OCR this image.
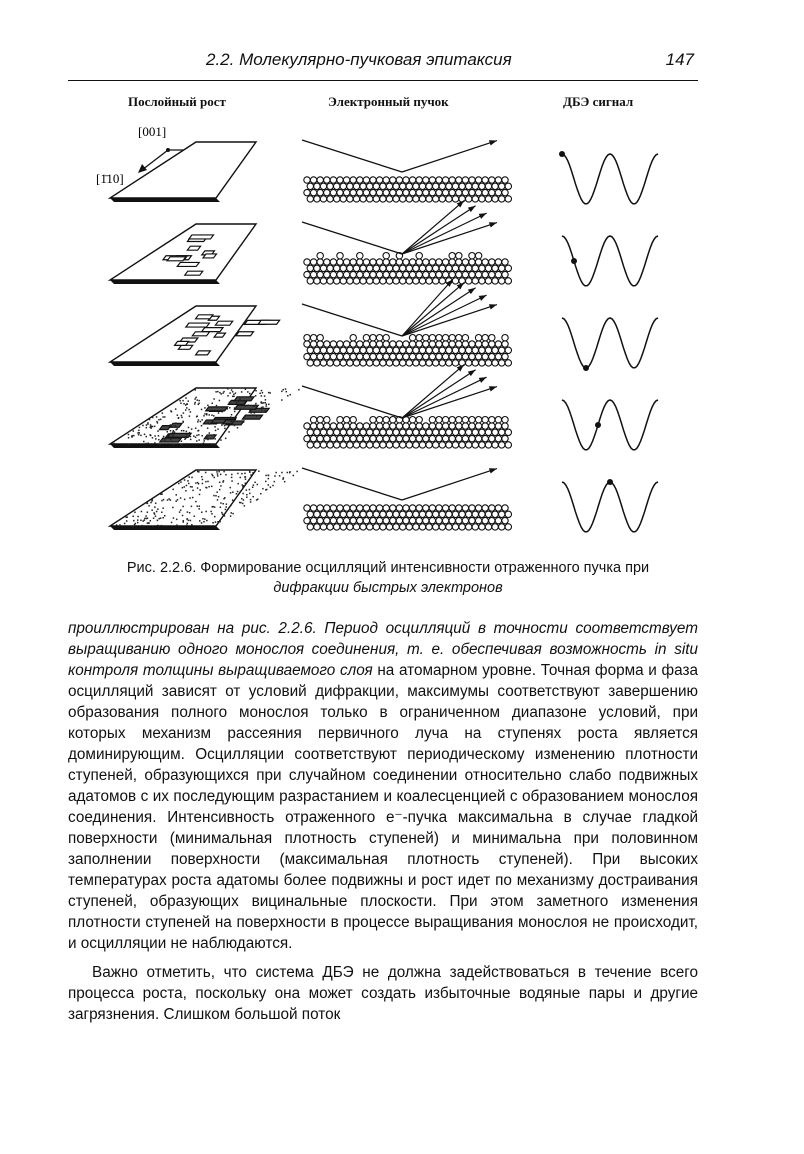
2.2. Молекулярно-пучковая эпитаксия	147
Послойный рост	Электронный пучок	ДБЭ сигнал
[001]
[1̄10]
Рис. 2.2.6. Формирование осцилляций интенсивности отраженного пучка при
дифракции быстрых электронов

проиллюстрирован на рис. 2.2.6. Период осцилляций в точности соответствует выращиванию одного монослоя соединения, т. е. обеспечивая возможность in situ контроля толщины выращиваемого слоя на атомарном уровне. Точная форма и фаза осцилляций зависят от условий дифракции, максимумы соответствуют завершению образования полного монослоя только в ограниченном диапазоне условий, при которых механизм рассеяния первичного луча на ступенях роста является доминирующим. Осцилляции соответствуют периодическому изменению плотности ступеней, образующихся при случайном соединении относительно слабо подвижных адатомов с их последующим разрастанием и коалесценцией с образованием монослоя соединения. Интенсивность отраженного е⁻-пучка максимальна в случае гладкой поверхности (минимальная плотность ступеней) и минимальна при половинном заполнении поверхности (максимальная плотность ступеней). При высоких температурах роста адатомы более подвижны и рост идет по механизму достраивания ступеней, образующих вицинальные плоскости. При этом заметного изменения плотности ступеней на поверхности в процессе выращивания монослоя не происходит, и осцилляции не наблюдаются.

Важно отметить, что система ДБЭ не должна задействоваться в течение всего процесса роста, поскольку она может создать избыточные водяные пары и другие загрязнения. Слишком большой поток
